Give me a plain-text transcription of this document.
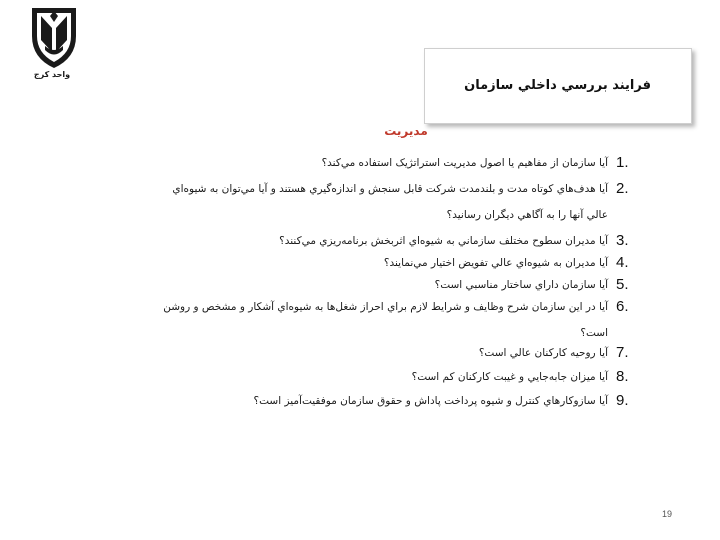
واحد کرج
فرايند بررسي داخلي سازمان
مديريت
1.
آيا سازمان از مفاهيم يا اصول مديريت استراتژيک استفاده مي‌کند؟
2.
آيا هدف‌هاي کوتاه مدت و بلندمدت شرکت قابل سنجش و اندازه‌گيري هستند و آيا مي‌توان به شيوه‌اي
عالي آنها را به آگاهي ديگران رسانيد؟
3.
آيا مديران سطوح مختلف سازماني به شيوه‌اي اثربخش برنامه‌ريزي مي‌کنند؟
4.
آيا مديران به شيوه‌اي عالي تفويض اختيار مي‌نمايند؟
5.
آيا سازمان داراي ساختار مناسبي است؟
6.
آيا در اين سازمان شرح وظايف و شرايط لازم براي احراز شغل‌ها به شيوه‌اي آشکار و مشخص و روشن
است؟
7.
آيا روحيه کارکنان عالي است؟
8.
آيا ميزان جابه‌جايي و غيبت کارکنان کم است؟
9.
آيا سازوکارهاي کنترل و شيوه پرداخت پاداش و حقوق سازمان موفقيت‌آميز است؟
19
